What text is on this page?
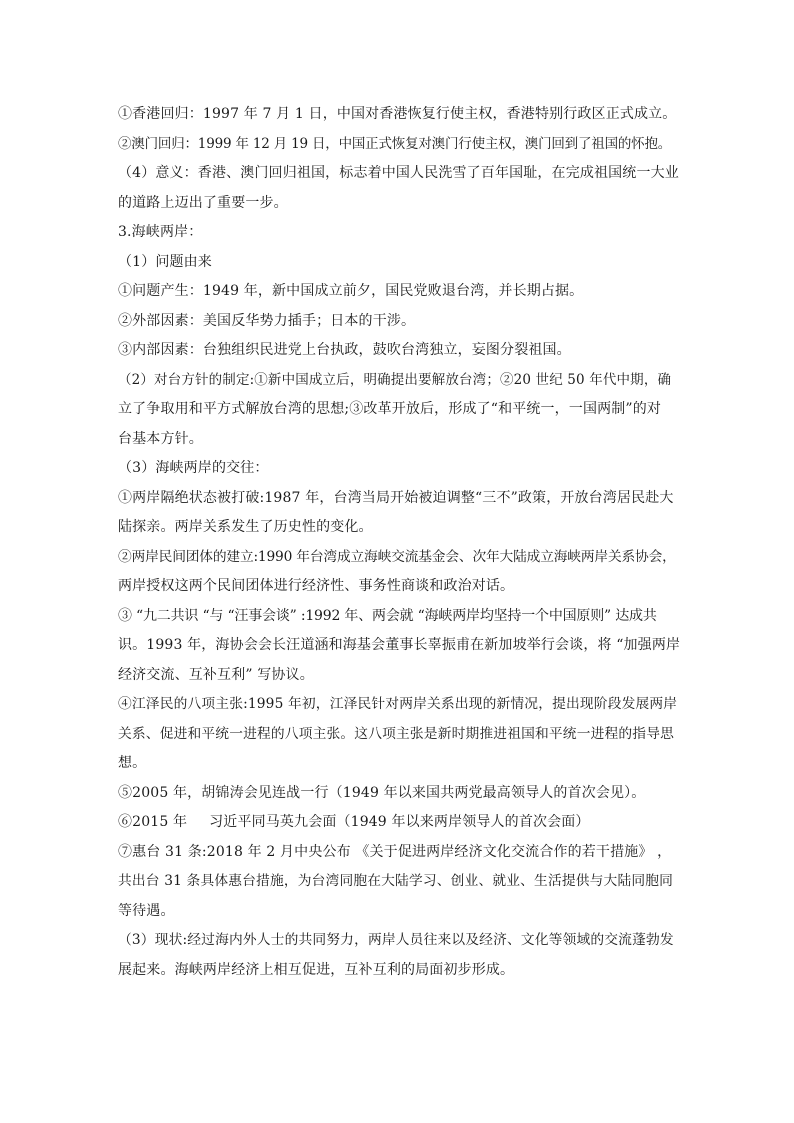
①香港回归：1997 年 7 月 1 日，中国对香港恢复行使主权，香港特别行政区正式成立。

②澳门回归：1999 年 12 月 19 日，中国正式恢复对澳门行使主权，澳门回到了祖国的怀抱。

（4）意义：香港、澳门回归祖国，标志着中国人民洗雪了百年国耻，在完成祖国统一大业

的道路上迈出了重要一步。

3.海峡两岸：

（1）问题由来

①问题产生：1949 年，新中国成立前夕，国民党败退台湾，并长期占据。

②外部因素：美国反华势力插手；日本的干涉。

③内部因素：台独组织民进党上台执政，鼓吹台湾独立，妄图分裂祖国。

（2）对台方针的制定:①新中国成立后，明确提出要解放台湾；②20 世纪 50 年代中期，确

立了争取用和平方式解放台湾的思想;③改革开放后，形成了“和平统一，一国两制”的对

台基本方针。

（3）海峡两岸的交往：

①两岸隔绝状态被打破:1987 年，台湾当局开始被迫调整“三不”政策，开放台湾居民赴大

陆探亲。两岸关系发生了历史性的变化。

②两岸民间团体的建立:1990 年台湾成立海峡交流基金会、次年大陆成立海峡两岸关系协会，

两岸授权这两个民间团体进行经济性、事务性商谈和政治对话。

③ “九二共识 “与 “汪事会谈” :1992 年、两会就 “海峡两岸均坚持一个中国原则” 达成共

识。1993 年，海协会会长汪道涵和海基会董事长辜振甫在新加坡举行会谈，将 “加强两岸

经济交流、互补互利” 写协议。

④江泽民的八项主张:1995 年初，江泽民针对两岸关系出现的新情况，提出现阶段发展两岸

关系、促进和平统一进程的八项主张。这八项主张是新时期推进祖国和平统一进程的指导思

想。

⑤2005 年，胡锦涛会见连战一行（1949 年以来国共两党最高领导人的首次会见）。

⑥2015 年 习近平同马英九会面（1949 年以来两岸领导人的首次会面）

⑦惠台 31 条:2018 年 2 月中央公布 《关于促进两岸经济文化交流合作的若干措施》 ，

共出台 31 条具体惠台措施，为台湾同胞在大陆学习、创业、就业、生活提供与大陆同胞同

等待遇。

（3）现状:经过海内外人士的共同努力，两岸人员往来以及经济、文化等领域的交流蓬勃发

展起来。海峡两岸经济上相互促进，互补互利的局面初步形成。
